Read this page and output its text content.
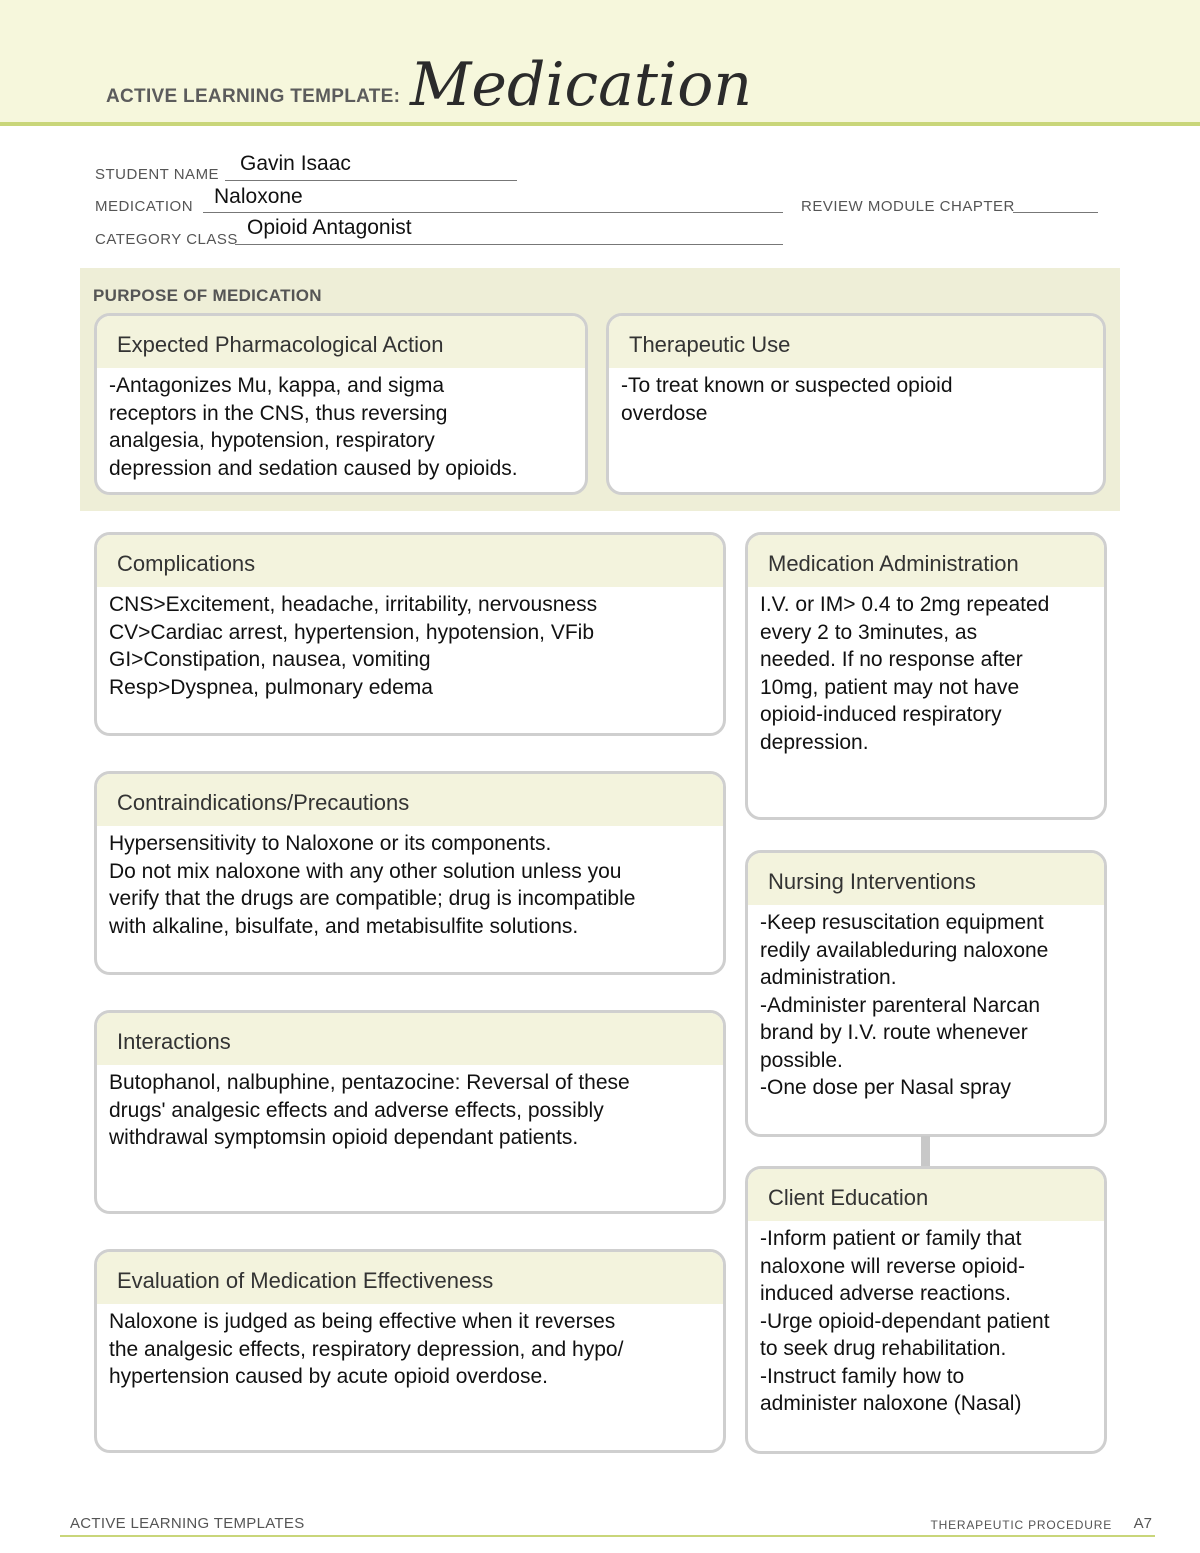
ACTIVE LEARNING TEMPLATE: Medication
STUDENT NAME Gavin Isaac
MEDICATION Naloxone	REVIEW MODULE CHAPTER
CATEGORY CLASS
Opioid Antagonist
PURPOSE OF MEDICATION
Expected Pharmacological Action
-Antagonizes Mu, kappa, and sigma
receptors in the CNS, thus reversing
analgesia, hypotension, respiratory
depression and sedation caused by opioids.
Therapeutic Use
-To treat known or suspected opioid
overdose
Complications
CNS>Excitement, headache, irritability, nervousness
CV>Cardiac arrest, hypertension, hypotension, VFib
GI>Constipation, nausea, vomiting
Resp>Dyspnea, pulmonary edema
Contraindications/Precautions
Hypersensitivity to Naloxone or its components.
Do not mix naloxone with any other solution unless you
verify that the drugs are compatible; drug is incompatible
with alkaline, bisulfate, and metabisulfite solutions.
Interactions
Butophanol, nalbuphine, pentazocine: Reversal of these
drugs' analgesic effects and adverse effects, possibly
withdrawal symptomsin opioid dependant patients.
Evaluation of Medication Effectiveness
Naloxone is judged as being effective when it reverses
the analgesic effects, respiratory depression, and hypo/
hypertension caused by acute opioid overdose.
Medication Administration
I.V. or IM> 0.4 to 2mg repeated
every 2 to 3minutes, as
needed. If no response after
10mg, patient may not have
opioid-induced respiratory
depression.
Nursing Interventions
-Keep resuscitation equipment
redily availableduring naloxone
administration.
-Administer parenteral Narcan
brand by I.V. route whenever
possible.
-One dose per Nasal spray
Client Education
-Inform patient or family that
naloxone will reverse opioid-
induced adverse reactions.
-Urge opioid-dependant patient
to seek drug rehabilitation.
-Instruct family how to
administer naloxone (Nasal)
ACTIVE LEARNING TEMPLATES	THERAPEUTIC PROCEDURE A7
